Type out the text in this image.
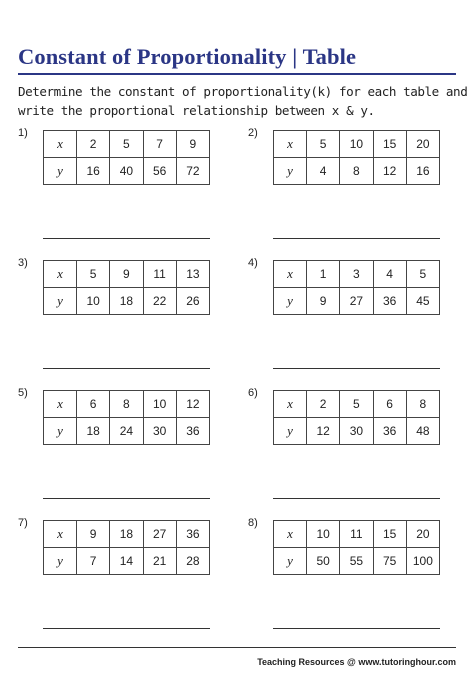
Constant of Proportionality | Table
Determine the constant of proportionality(k) for each table and
write the proportional relationship between x & y.
1)
x	2	5	7	9
y	16	40	56	72
2)
x	5	10	15	20
y	4	8	12	16
3)
x	5	9	11	13
y	10	18	22	26
4)
x	1	3	4	5
y	9	27	36	45
5)
x	6	8	10	12
y	18	24	30	36
6)
x	2	5	6	8
y	12	30	36	48
7)
x	9	18	27	36
y	7	14	21	28
8)
x	10	11	15	20
y	50	55	75	100
Teaching Resources @ www.tutoringhour.com
